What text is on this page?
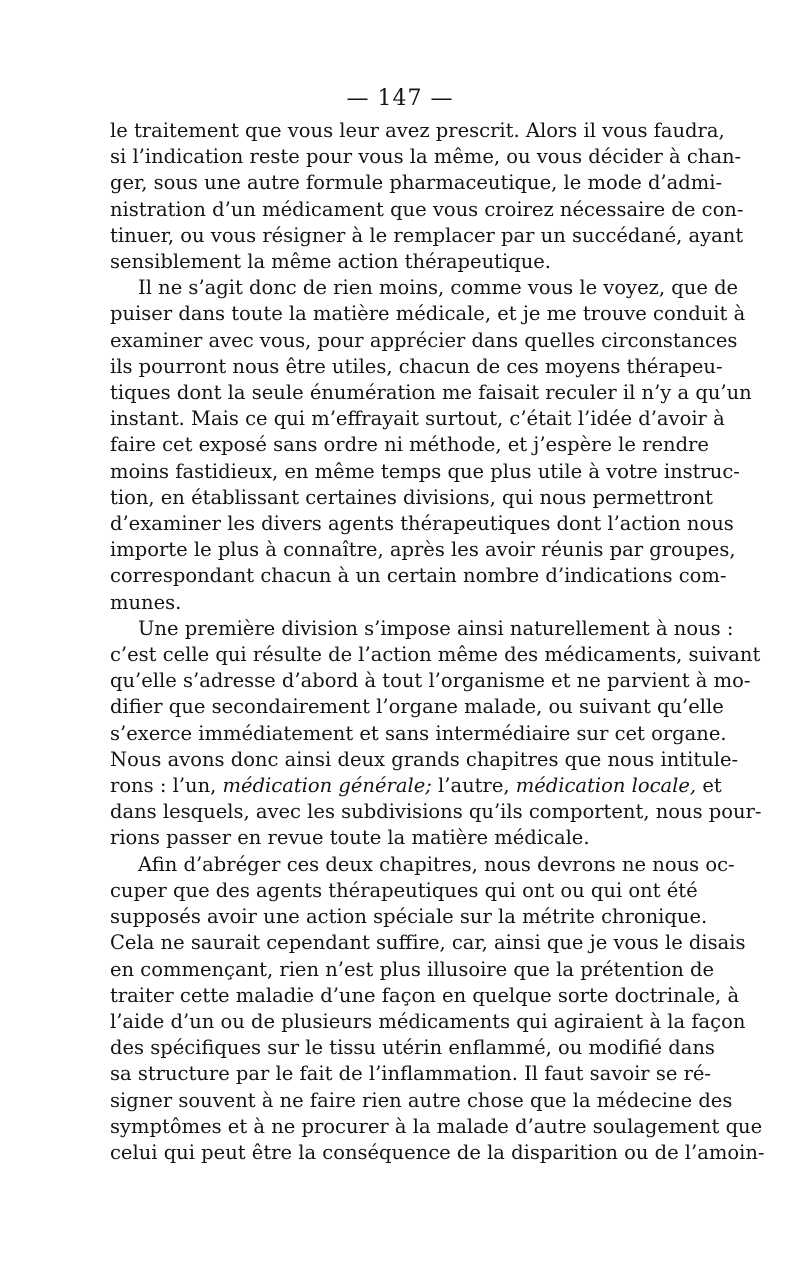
— 147 —
le traitement que vous leur avez prescrit. Alors il vous faudra,
si l’indication reste pour vous la même, ou vous décider à chan-
ger, sous une autre formule pharmaceutique, le mode d’admi-
nistration d’un médicament que vous croirez nécessaire de con-
tinuer, ou vous résigner à le remplacer par un succédané, ayant
sensiblement la même action thérapeutique.
Il ne s’agit donc de rien moins, comme vous le voyez, que de
puiser dans toute la matière médicale, et je me trouve conduit à
examiner avec vous, pour apprécier dans quelles circonstances
ils pourront nous être utiles, chacun de ces moyens thérapeu-
tiques dont la seule énumération me faisait reculer il n’y a qu’un
instant. Mais ce qui m’effrayait surtout, c’était l’idée d’avoir à
faire cet exposé sans ordre ni méthode, et j’espère le rendre
moins fastidieux, en même temps que plus utile à votre instruc-
tion, en établissant certaines divisions, qui nous permettront
d’examiner les divers agents thérapeutiques dont l’action nous
importe le plus à connaître, après les avoir réunis par groupes,
correspondant chacun à un certain nombre d’indications com-
munes.
Une première division s’impose ainsi naturellement à nous :
c’est celle qui résulte de l’action même des médicaments, suivant
qu’elle s’adresse d’abord à tout l’organisme et ne parvient à mo-
difier que secondairement l’organe malade, ou suivant qu’elle
s’exerce immédiatement et sans intermédiaire sur cet organe.
Nous avons donc ainsi deux grands chapitres que nous intitule-
rons : l’un, médication générale; l’autre, médication locale, et
dans lesquels, avec les subdivisions qu’ils comportent, nous pour-
rions passer en revue toute la matière médicale.
Afin d’abréger ces deux chapitres, nous devrons ne nous oc-
cuper que des agents thérapeutiques qui ont ou qui ont été
supposés avoir une action spéciale sur la métrite chronique.
Cela ne saurait cependant suffire, car, ainsi que je vous le disais
en commençant, rien n’est plus illusoire que la prétention de
traiter cette maladie d’une façon en quelque sorte doctrinale, à
l’aide d’un ou de plusieurs médicaments qui agiraient à la façon
des spécifiques sur le tissu utérin enflammé, ou modifié dans
sa structure par le fait de l’inflammation. Il faut savoir se ré-
signer souvent à ne faire rien autre chose que la médecine des
symptômes et à ne procurer à la malade d’autre soulagement que
celui qui peut être la conséquence de la disparition ou de l’amoin-
